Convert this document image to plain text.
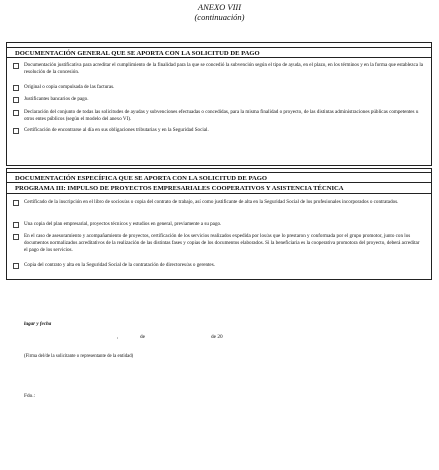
ANEXO VIII
(continuación)
DOCUMENTACIÓN GENERAL QUE SE APORTA CON LA SOLICITUD DE PAGO
Documentación justificativa para acreditar el cumplimiento de la finalidad para la que se concedió la subvención según el tipo de ayuda, en el plazo, en los términos y en la forma que establezca la resolución de la concesión.
Original o copia compulsada de las facturas.
Justificantes bancarios de pago.
Declaración del conjunto de todas las solicitudes de ayudas y subvenciones efectuadas o concedidas, para la misma finalidad o proyecto, de las distintas administraciones públicas competentes u otros entes públicos (según el modelo del anexo VI).
Certificación de encontrarse al día en sus obligaciones tributarias y en la Seguridad Social.
DOCUMENTACIÓN ESPECÍFICA QUE SE APORTA CON LA SOLICITUD DE PAGO
PROGRAMA III: IMPULSO DE PROYECTOS EMPRESARIALES COOPERATIVOS Y ASISTENCIA TÉCNICA
Certificado de la inscripción en el libro de socios/as o copia del contrato de trabajo, así como justificante de alta en la Seguridad Social de los profesionales incorporados o contratados.
Una copia del plan empresarial, proyectos técnicos y estudios en general, previamente a su pago.
En el caso de asesoramiento y acompañamiento de proyectos, certificación de los servicios realizados expedida por los/as que lo prestaron y conformada por el grupo promotor, junto con los documentos normalizados acreditativos de la realización de las distintas fases y copias de los documentos elaborados. Si la beneficiaria es la cooperativa promotora del proyecto, deberá acreditar el pago de los servicios.
Copia del contrato y alta en la Seguridad Social de la contratación de directores/as o gerentes.
lugar y fecha
,	de	de 20
(Firma del/de la solicitante o representante de la entidad)
Fdo.:
